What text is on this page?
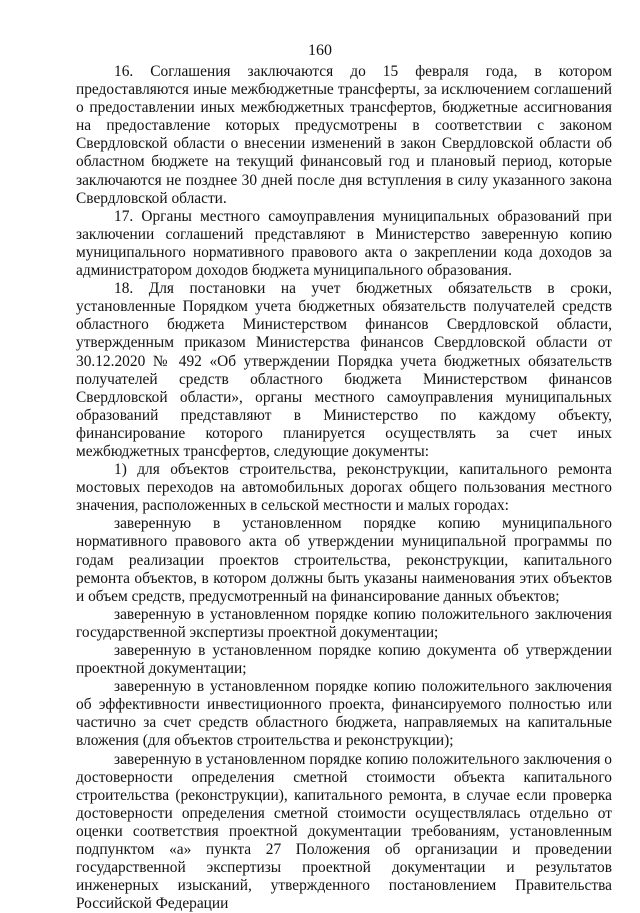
160

16. Соглашения заключаются до 15 февраля года, в котором предоставляются иные межбюджетные трансферты, за исключением соглашений о предоставлении иных межбюджетных трансфертов, бюджетные ассигнования на предоставление которых предусмотрены в соответствии с законом Свердловской области о внесении изменений в закон Свердловской области об областном бюджете на текущий финансовый год и плановый период, которые заключаются не позднее 30 дней после дня вступления в силу указанного закона Свердловской области.

17. Органы местного самоуправления муниципальных образований при заключении соглашений представляют в Министерство заверенную копию муниципального нормативного правового акта о закреплении кода доходов за администратором доходов бюджета муниципального образования.

18. Для постановки на учет бюджетных обязательств в сроки, установленные Порядком учета бюджетных обязательств получателей средств областного бюджета Министерством финансов Свердловской области, утвержденным приказом Министерства финансов Свердловской области от 30.12.2020 № 492 «Об утверждении Порядка учета бюджетных обязательств получателей средств областного бюджета Министерством финансов Свердловской области», органы местного самоуправления муниципальных образований представляют в Министерство по каждому объекту, финансирование которого планируется осуществлять за счет иных межбюджетных трансфертов, следующие документы:

1) для объектов строительства, реконструкции, капитального ремонта мостовых переходов на автомобильных дорогах общего пользования местного значения, расположенных в сельской местности и малых городах:

заверенную в установленном порядке копию муниципального нормативного правового акта об утверждении муниципальной программы по годам реализации проектов строительства, реконструкции, капитального ремонта объектов, в котором должны быть указаны наименования этих объектов и объем средств, предусмотренный на финансирование данных объектов;

заверенную в установленном порядке копию положительного заключения государственной экспертизы проектной документации;

заверенную в установленном порядке копию документа об утверждении проектной документации;

заверенную в установленном порядке копию положительного заключения об эффективности инвестиционного проекта, финансируемого полностью или частично за счет средств областного бюджета, направляемых на капитальные вложения (для объектов строительства и реконструкции);

заверенную в установленном порядке копию положительного заключения о достоверности определения сметной стоимости объекта капитального строительства (реконструкции), капитального ремонта, в случае если проверка достоверности определения сметной стоимости осуществлялась отдельно от оценки соответствия проектной документации требованиям, установленным подпунктом «а» пункта 27 Положения об организации и проведении государственной экспертизы проектной документации и результатов инженерных изысканий, утвержденного постановлением Правительства Российской Федерации
